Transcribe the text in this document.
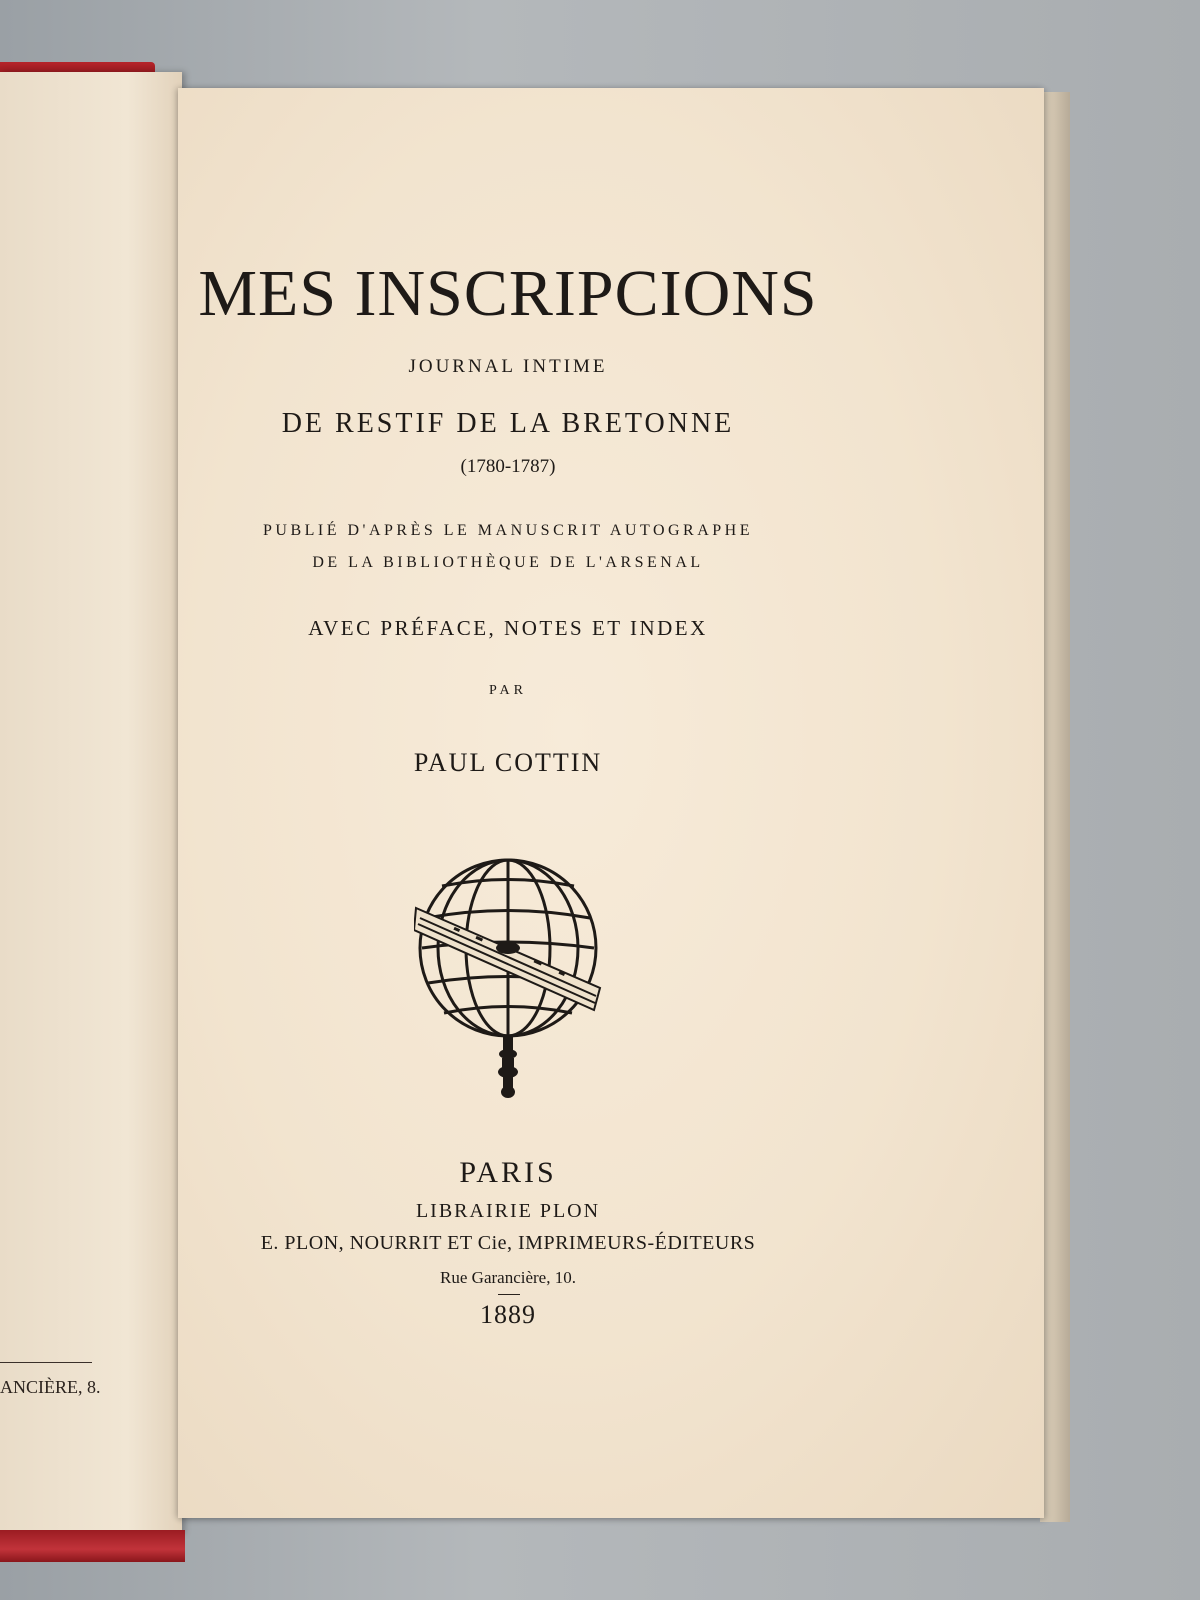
ANCIÈRE, 8.
MES INSCRIPCIONS
JOURNAL INTIME
DE RESTIF DE LA BRETONNE
(1780-1787)
PUBLIÉ D'APRÈS LE MANUSCRIT AUTOGRAPHE
DE LA BIBLIOTHÈQUE DE L'ARSENAL
AVEC PRÉFACE, NOTES ET INDEX
PAR
PAUL COTTIN
PARIS
LIBRAIRIE PLON
E. PLON, NOURRIT ET Cie, IMPRIMEURS-ÉDITEURS
Rue Garancière, 10.
1889
